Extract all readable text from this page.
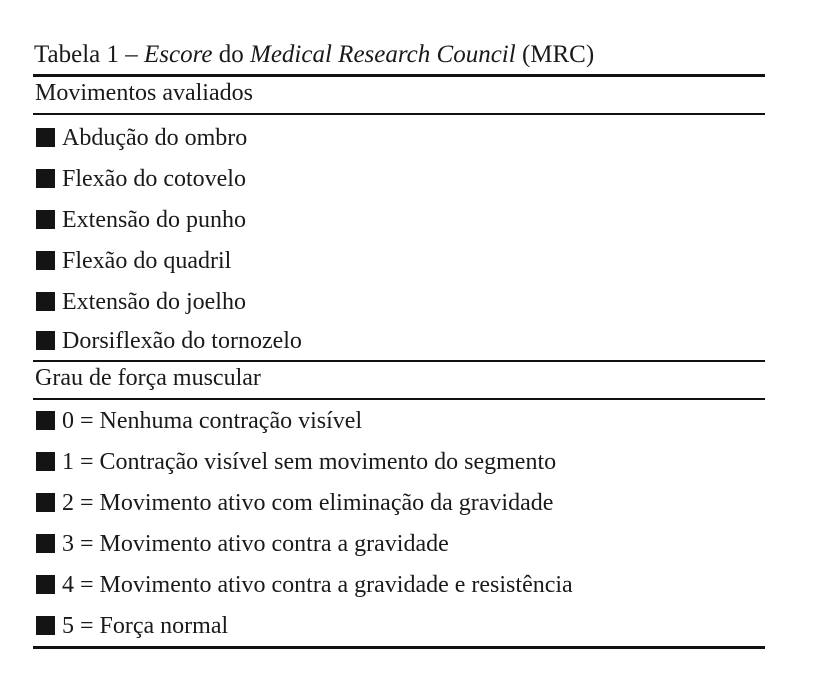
Tabela 1 – Escore do Medical Research Council (MRC)
Movimentos avaliados
Abdução do ombro
Flexão do cotovelo
Extensão do punho
Flexão do quadril
Extensão do joelho
Dorsiflexão do tornozelo
Grau de força muscular
0 = Nenhuma contração visível
1 = Contração visível sem movimento do segmento
2 = Movimento ativo com eliminação da gravidade
3 = Movimento ativo contra a gravidade
4 = Movimento ativo contra a gravidade e resistência
5 = Força normal
